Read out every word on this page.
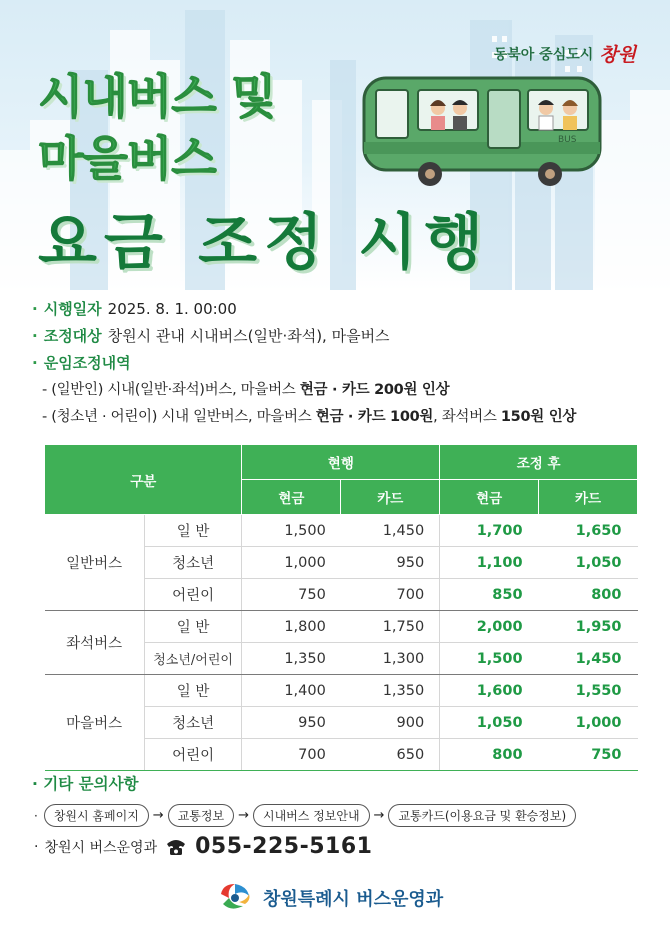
동북아 중심도시 창원
시내버스 및
마을버스
요금 조정 시행
BUS
· 시행일자 2025. 8. 1. 00:00
· 조정대상 창원시 관내 시내버스(일반·좌석), 마을버스
· 운임조정내역
- (일반인) 시내(일반·좌석)버스, 마을버스 현금 · 카드 200원 인상
- (청소년 · 어린이) 시내 일반버스, 마을버스 현금 · 카드 100원, 좌석버스 150원 인상
구분		현행		조정 후	
		현금	카드	현금	카드
일반버스	일 반	1,500	1,450	1,700	1,650
	청소년	1,000	950	1,100	1,050
	어린이	750	700	850	800
좌석버스	일 반	1,800	1,750	2,000	1,950
	청소년/어린이	1,350	1,300	1,500	1,450
마을버스	일 반	1,400	1,350	1,600	1,550
	청소년	950	900	1,050	1,000
	어린이	700	650	800	750
· 기타 문의사항
·	창원시 홈페이지	→	교통정보	→	시내버스 정보안내	→	교통카드(이용요금 및 환승정보)
· 창원시 버스운영과 055-225-5161
창원특례시 버스운영과
